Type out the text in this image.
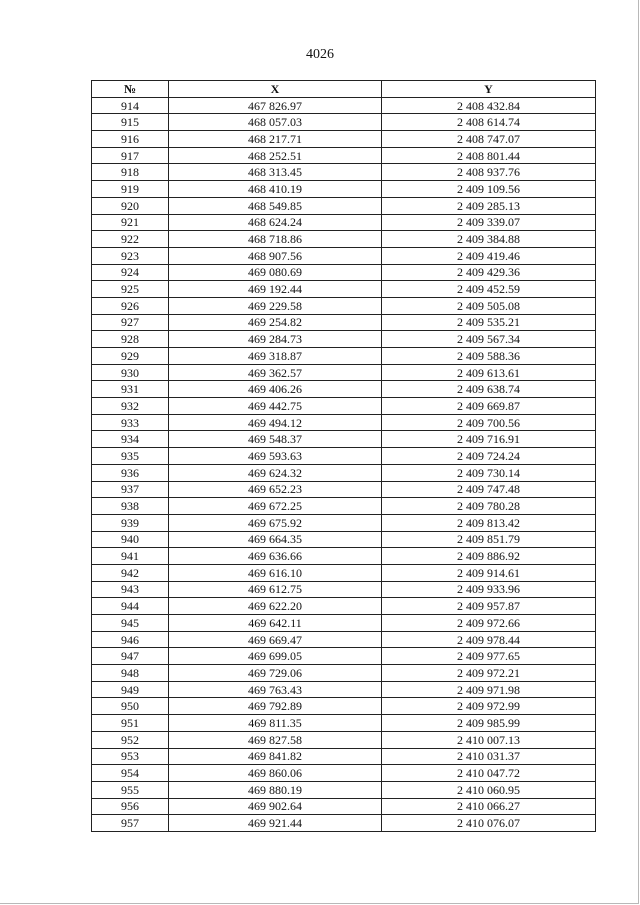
4026
№	X	Y
914	467 826.97	2 408 432.84
915	468 057.03	2 408 614.74
916	468 217.71	2 408 747.07
917	468 252.51	2 408 801.44
918	468 313.45	2 408 937.76
919	468 410.19	2 409 109.56
920	468 549.85	2 409 285.13
921	468 624.24	2 409 339.07
922	468 718.86	2 409 384.88
923	468 907.56	2 409 419.46
924	469 080.69	2 409 429.36
925	469 192.44	2 409 452.59
926	469 229.58	2 409 505.08
927	469 254.82	2 409 535.21
928	469 284.73	2 409 567.34
929	469 318.87	2 409 588.36
930	469 362.57	2 409 613.61
931	469 406.26	2 409 638.74
932	469 442.75	2 409 669.87
933	469 494.12	2 409 700.56
934	469 548.37	2 409 716.91
935	469 593.63	2 409 724.24
936	469 624.32	2 409 730.14
937	469 652.23	2 409 747.48
938	469 672.25	2 409 780.28
939	469 675.92	2 409 813.42
940	469 664.35	2 409 851.79
941	469 636.66	2 409 886.92
942	469 616.10	2 409 914.61
943	469 612.75	2 409 933.96
944	469 622.20	2 409 957.87
945	469 642.11	2 409 972.66
946	469 669.47	2 409 978.44
947	469 699.05	2 409 977.65
948	469 729.06	2 409 972.21
949	469 763.43	2 409 971.98
950	469 792.89	2 409 972.99
951	469 811.35	2 409 985.99
952	469 827.58	2 410 007.13
953	469 841.82	2 410 031.37
954	469 860.06	2 410 047.72
955	469 880.19	2 410 060.95
956	469 902.64	2 410 066.27
957	469 921.44	2 410 076.07
